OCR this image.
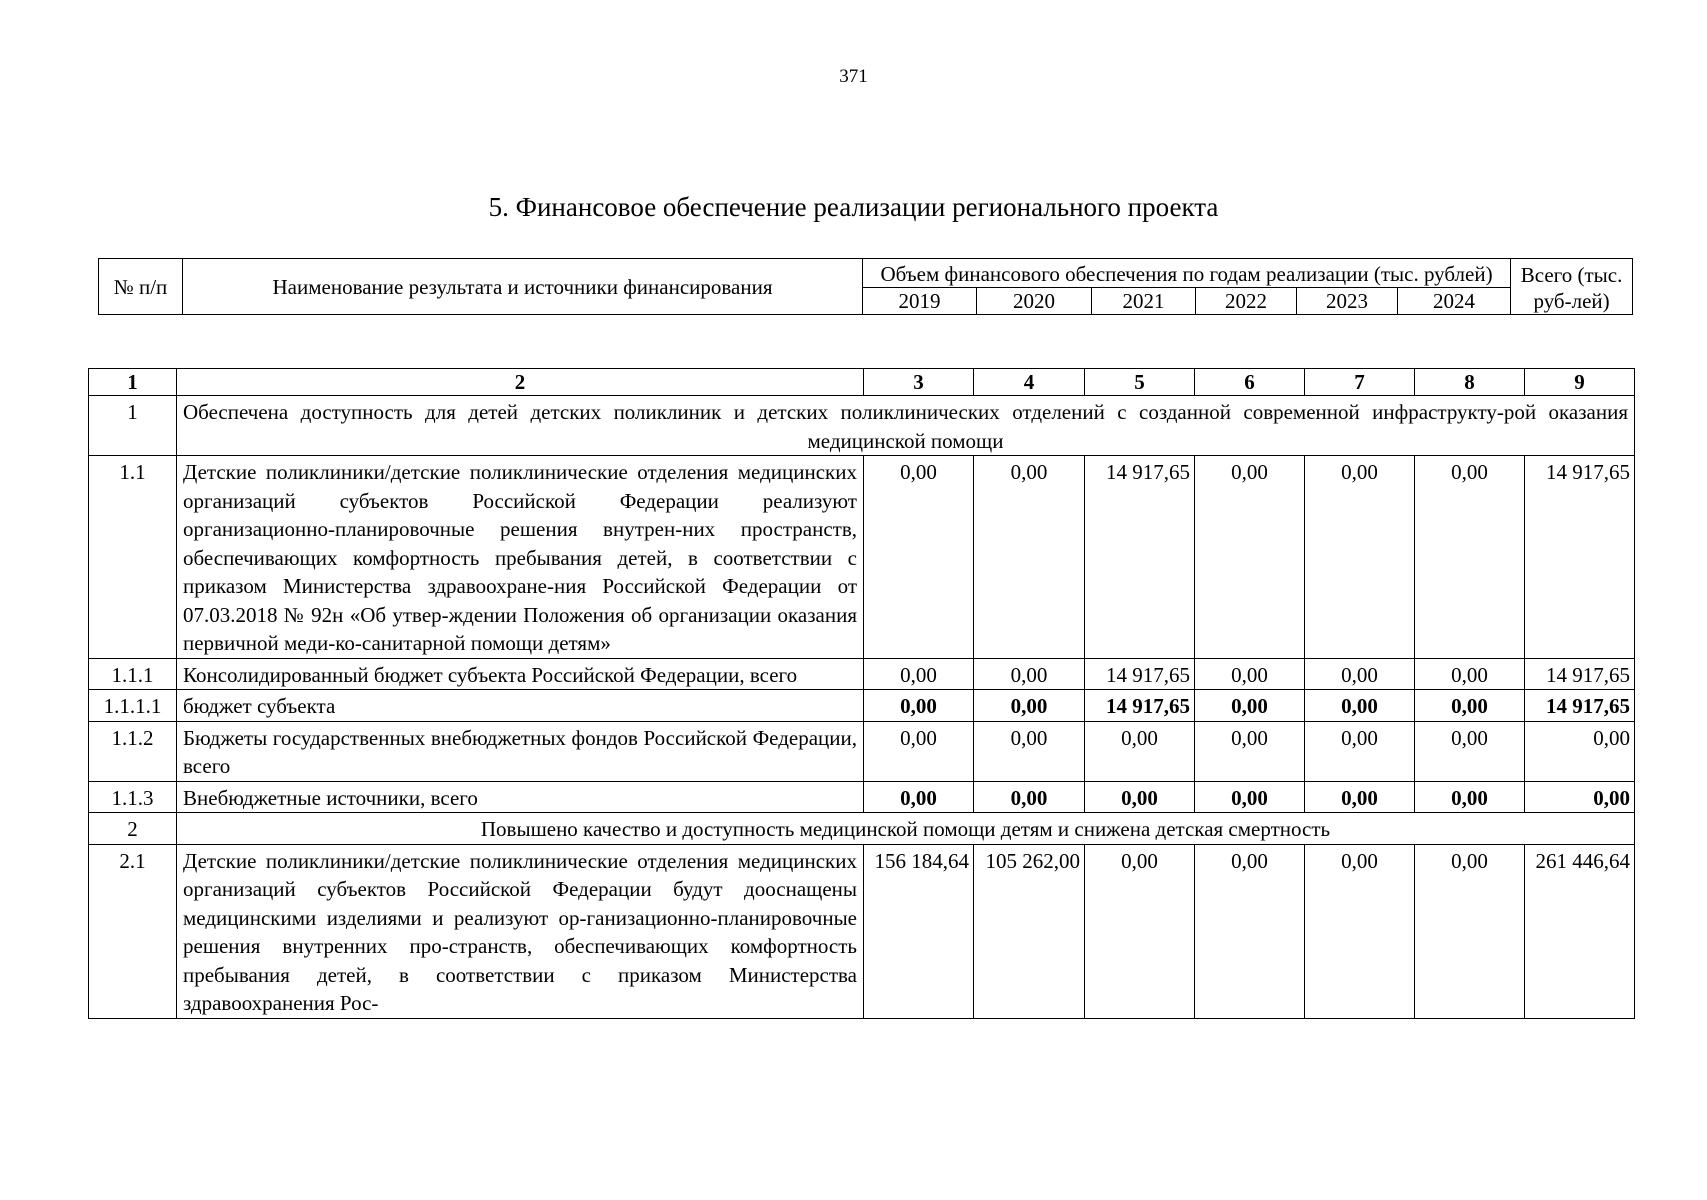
371
5. Финансовое обеспечение реализации регионального проекта
№ п/п	Наименование результата и источники финансирования	Объем финансового обеспечения по годам реализации (тыс. рублей)						Всего (тыс. руб-лей)
		2019	2020	2021	2022	2023	2024	
1	2	3	4	5	6	7	8	9
1	Обеспечена доступность для детей детских поликлиник и детских поликлинических отделений с созданной современной инфраструкту-рой оказания медицинской помощи							
1.1	Детские поликлиники/детские поликлинические отделения медицинских организаций субъектов Российской Федерации реализуют организационно-планировочные решения внутрен-них пространств, обеспечивающих комфортность пребывания детей, в соответствии с приказом Министерства здравоохране-ния Российской Федерации от 07.03.2018 № 92н «Об утвер-ждении Положения об организации оказания первичной меди-ко-санитарной помощи детям»	0,00	0,00	14 917,65	0,00	0,00	0,00	14 917,65
1.1.1	Консолидированный бюджет субъекта Российской Федерации, всего	0,00	0,00	14 917,65	0,00	0,00	0,00	14 917,65
1.1.1.1	бюджет субъекта	0,00	0,00	14 917,65	0,00	0,00	0,00	14 917,65
1.1.2	Бюджеты государственных внебюджетных фондов Российской Федерации, всего	0,00	0,00	0,00	0,00	0,00	0,00	0,00
1.1.3	Внебюджетные источники, всего	0,00	0,00	0,00	0,00	0,00	0,00	0,00
2	Повышено качество и доступность медицинской помощи детям и снижена детская смертность							
2.1	Детские поликлиники/детские поликлинические отделения медицинских организаций субъектов Российской Федерации будут дооснащены медицинскими изделиями и реализуют ор-ганизационно-планировочные решения внутренних про-странств, обеспечивающих комфортность пребывания детей, в соответствии с приказом Министерства здравоохранения Рос-	156 184,64	105 262,00	0,00	0,00	0,00	0,00	261 446,64
